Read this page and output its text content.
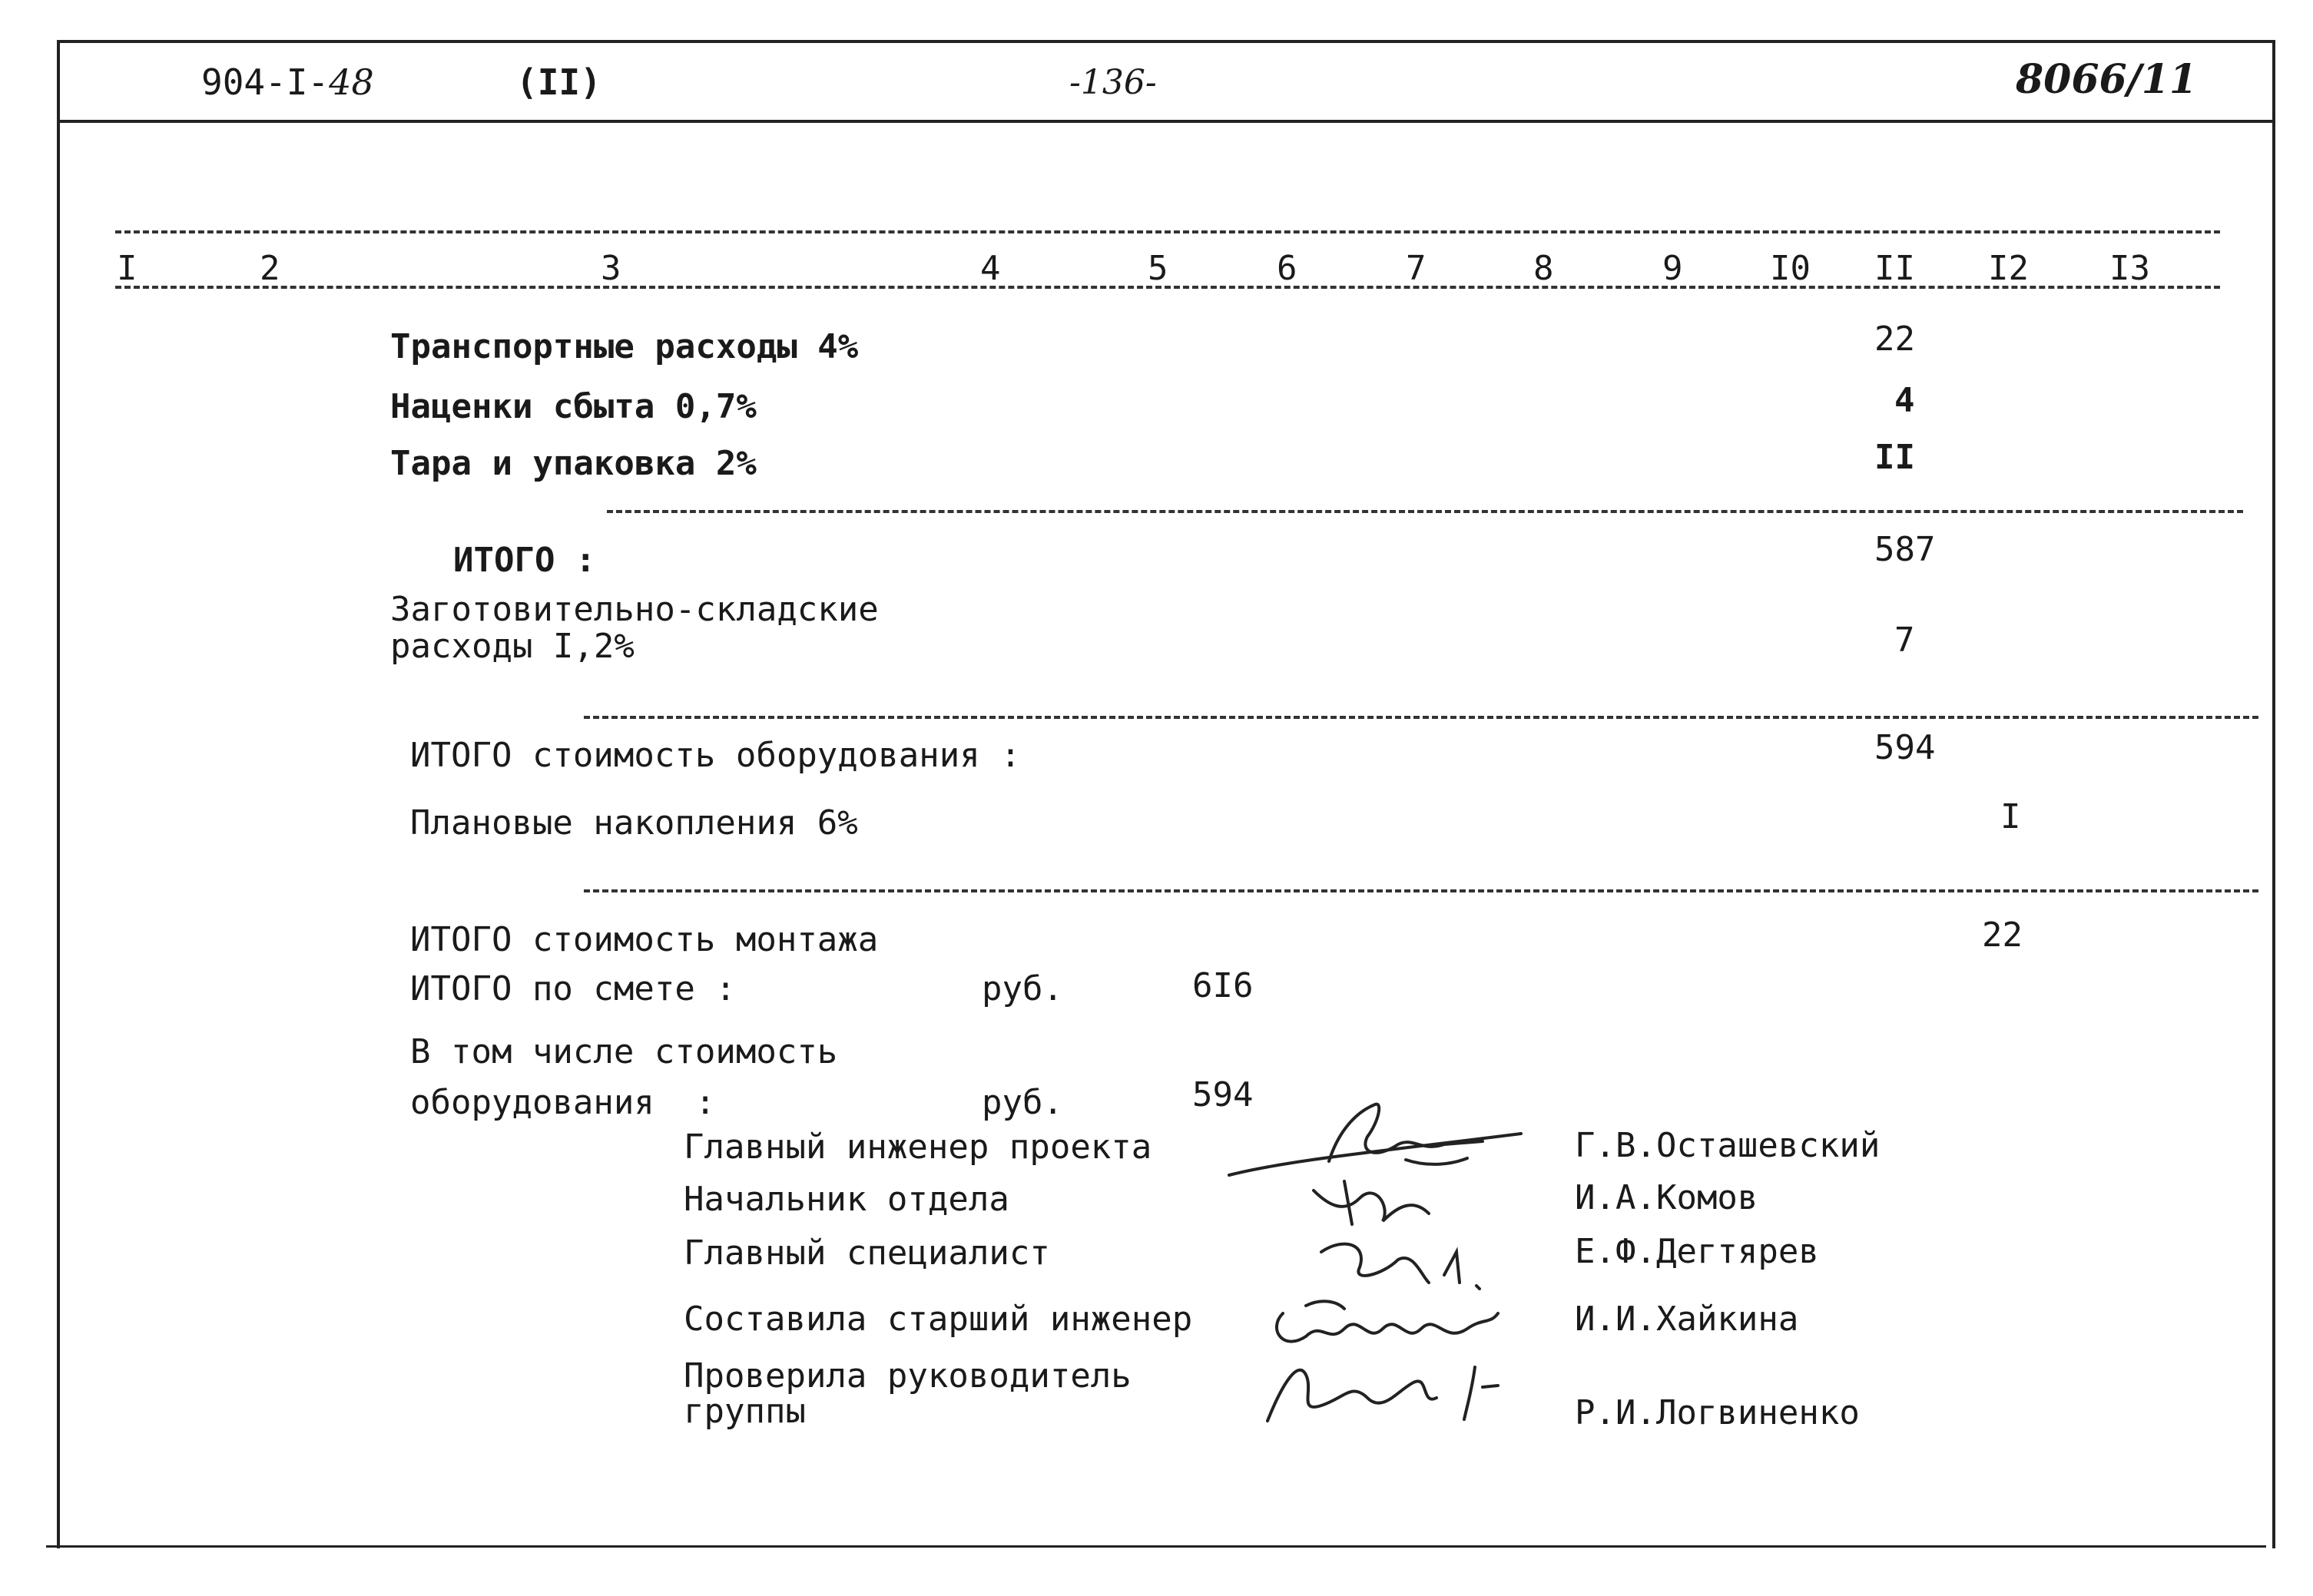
904-I-48	(II)	-136-	8066/11
I	2	3	4	5	6	7	8	9	I0 II I2 I3
Транспортные расходы 4%	22
Наценки сбыта 0,7%	4
Тара и упаковка 2%	II
ИТОГО :	587
Заготовительно-складские
расходы I,2%	7
ИТОГО стоимость оборудования :	594
Плановые накопления 6%	I
ИТОГО стоимость монтажа	22
ИТОГО по смете :	руб.	6I6
В том числе стоимость
оборудования  :	руб.	594
Главный инженер проекта	Г.В.Осташевский
Начальник отдела	И.А.Комов
Главный специалист	Е.Ф.Дегтярев
Составила старший инженер	И.И.Хайкина
Проверила руководитель
группы	Р.И.Логвиненко
